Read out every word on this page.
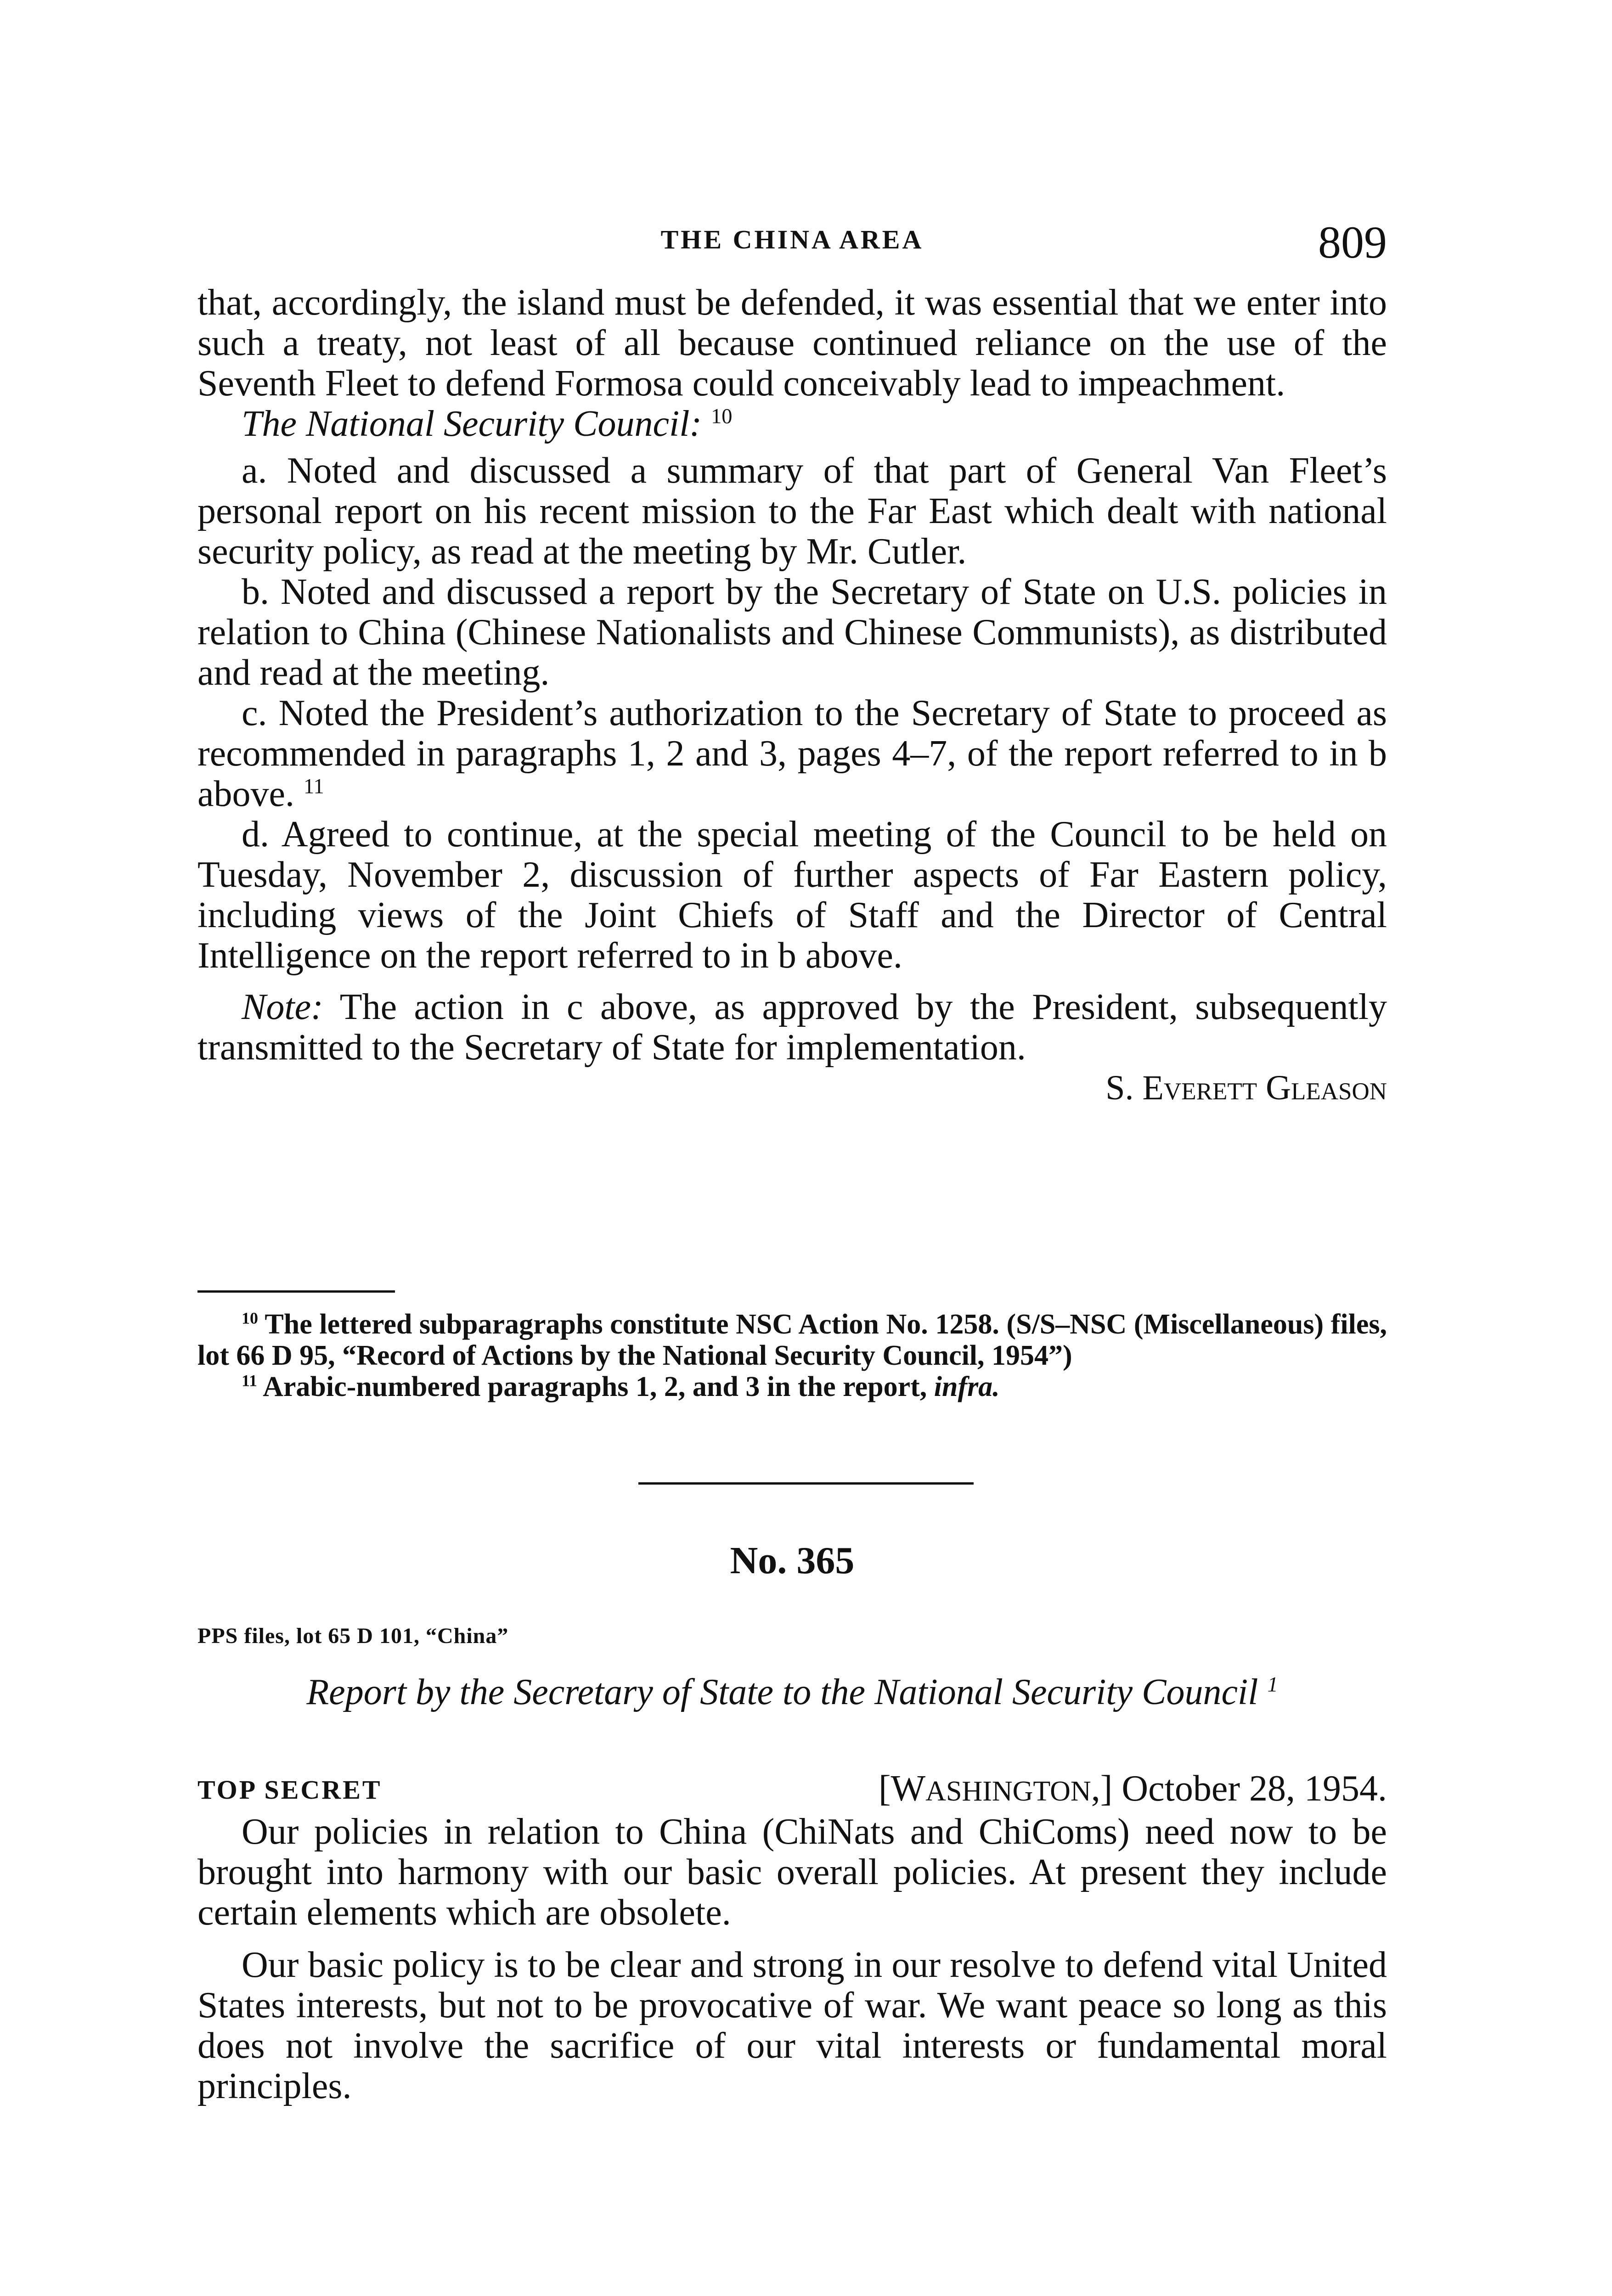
THE CHINA AREA	809

that, accordingly, the island must be defended, it was essential that we enter into such a treaty, not least of all because continued reliance on the use of the Seventh Fleet to defend Formosa could conceivably lead to impeachment.

The National Security Council: $^{10}$

a. Noted and discussed a summary of that part of General Van Fleet’s personal report on his recent mission to the Far East which dealt with national security policy, as read at the meeting by Mr. Cutler.

b. Noted and discussed a report by the Secretary of State on U.S. policies in relation to China (Chinese Nationalists and Chinese Communists), as distributed and read at the meeting.

c. Noted the President’s authorization to the Secretary of State to proceed as recommended in paragraphs 1, 2 and 3, pages 4–7, of the report referred to in b above. $^{11}$

d. Agreed to continue, at the special meeting of the Council to be held on Tuesday, November 2, discussion of further aspects of Far Eastern policy, including views of the Joint Chiefs of Staff and the Director of Central Intelligence on the report referred to in b above.

Note: The action in c above, as approved by the President, subsequently transmitted to the Secretary of State for implementation.

S. Everett Gleason

$^{10}$ The lettered subparagraphs constitute NSC Action No. 1258. (S/S–NSC (Miscellaneous) files, lot 66 D 95, “Record of Actions by the National Security Council, 1954”)

$^{11}$ Arabic-numbered paragraphs 1, 2, and 3 in the report, infra.

No. 365
PPS files, lot 65 D 101, “China”
Report by the Secretary of State to the National Security Council $^1$
TOP SECRET	[WASHINGTON,] October 28, 1954.

Our policies in relation to China (ChiNats and ChiComs) need now to be brought into harmony with our basic overall policies. At present they include certain elements which are obsolete.

Our basic policy is to be clear and strong in our resolve to defend vital United States interests, but not to be provocative of war. We want peace so long as this does not involve the sacrifice of our vital interests or fundamental moral principles.
